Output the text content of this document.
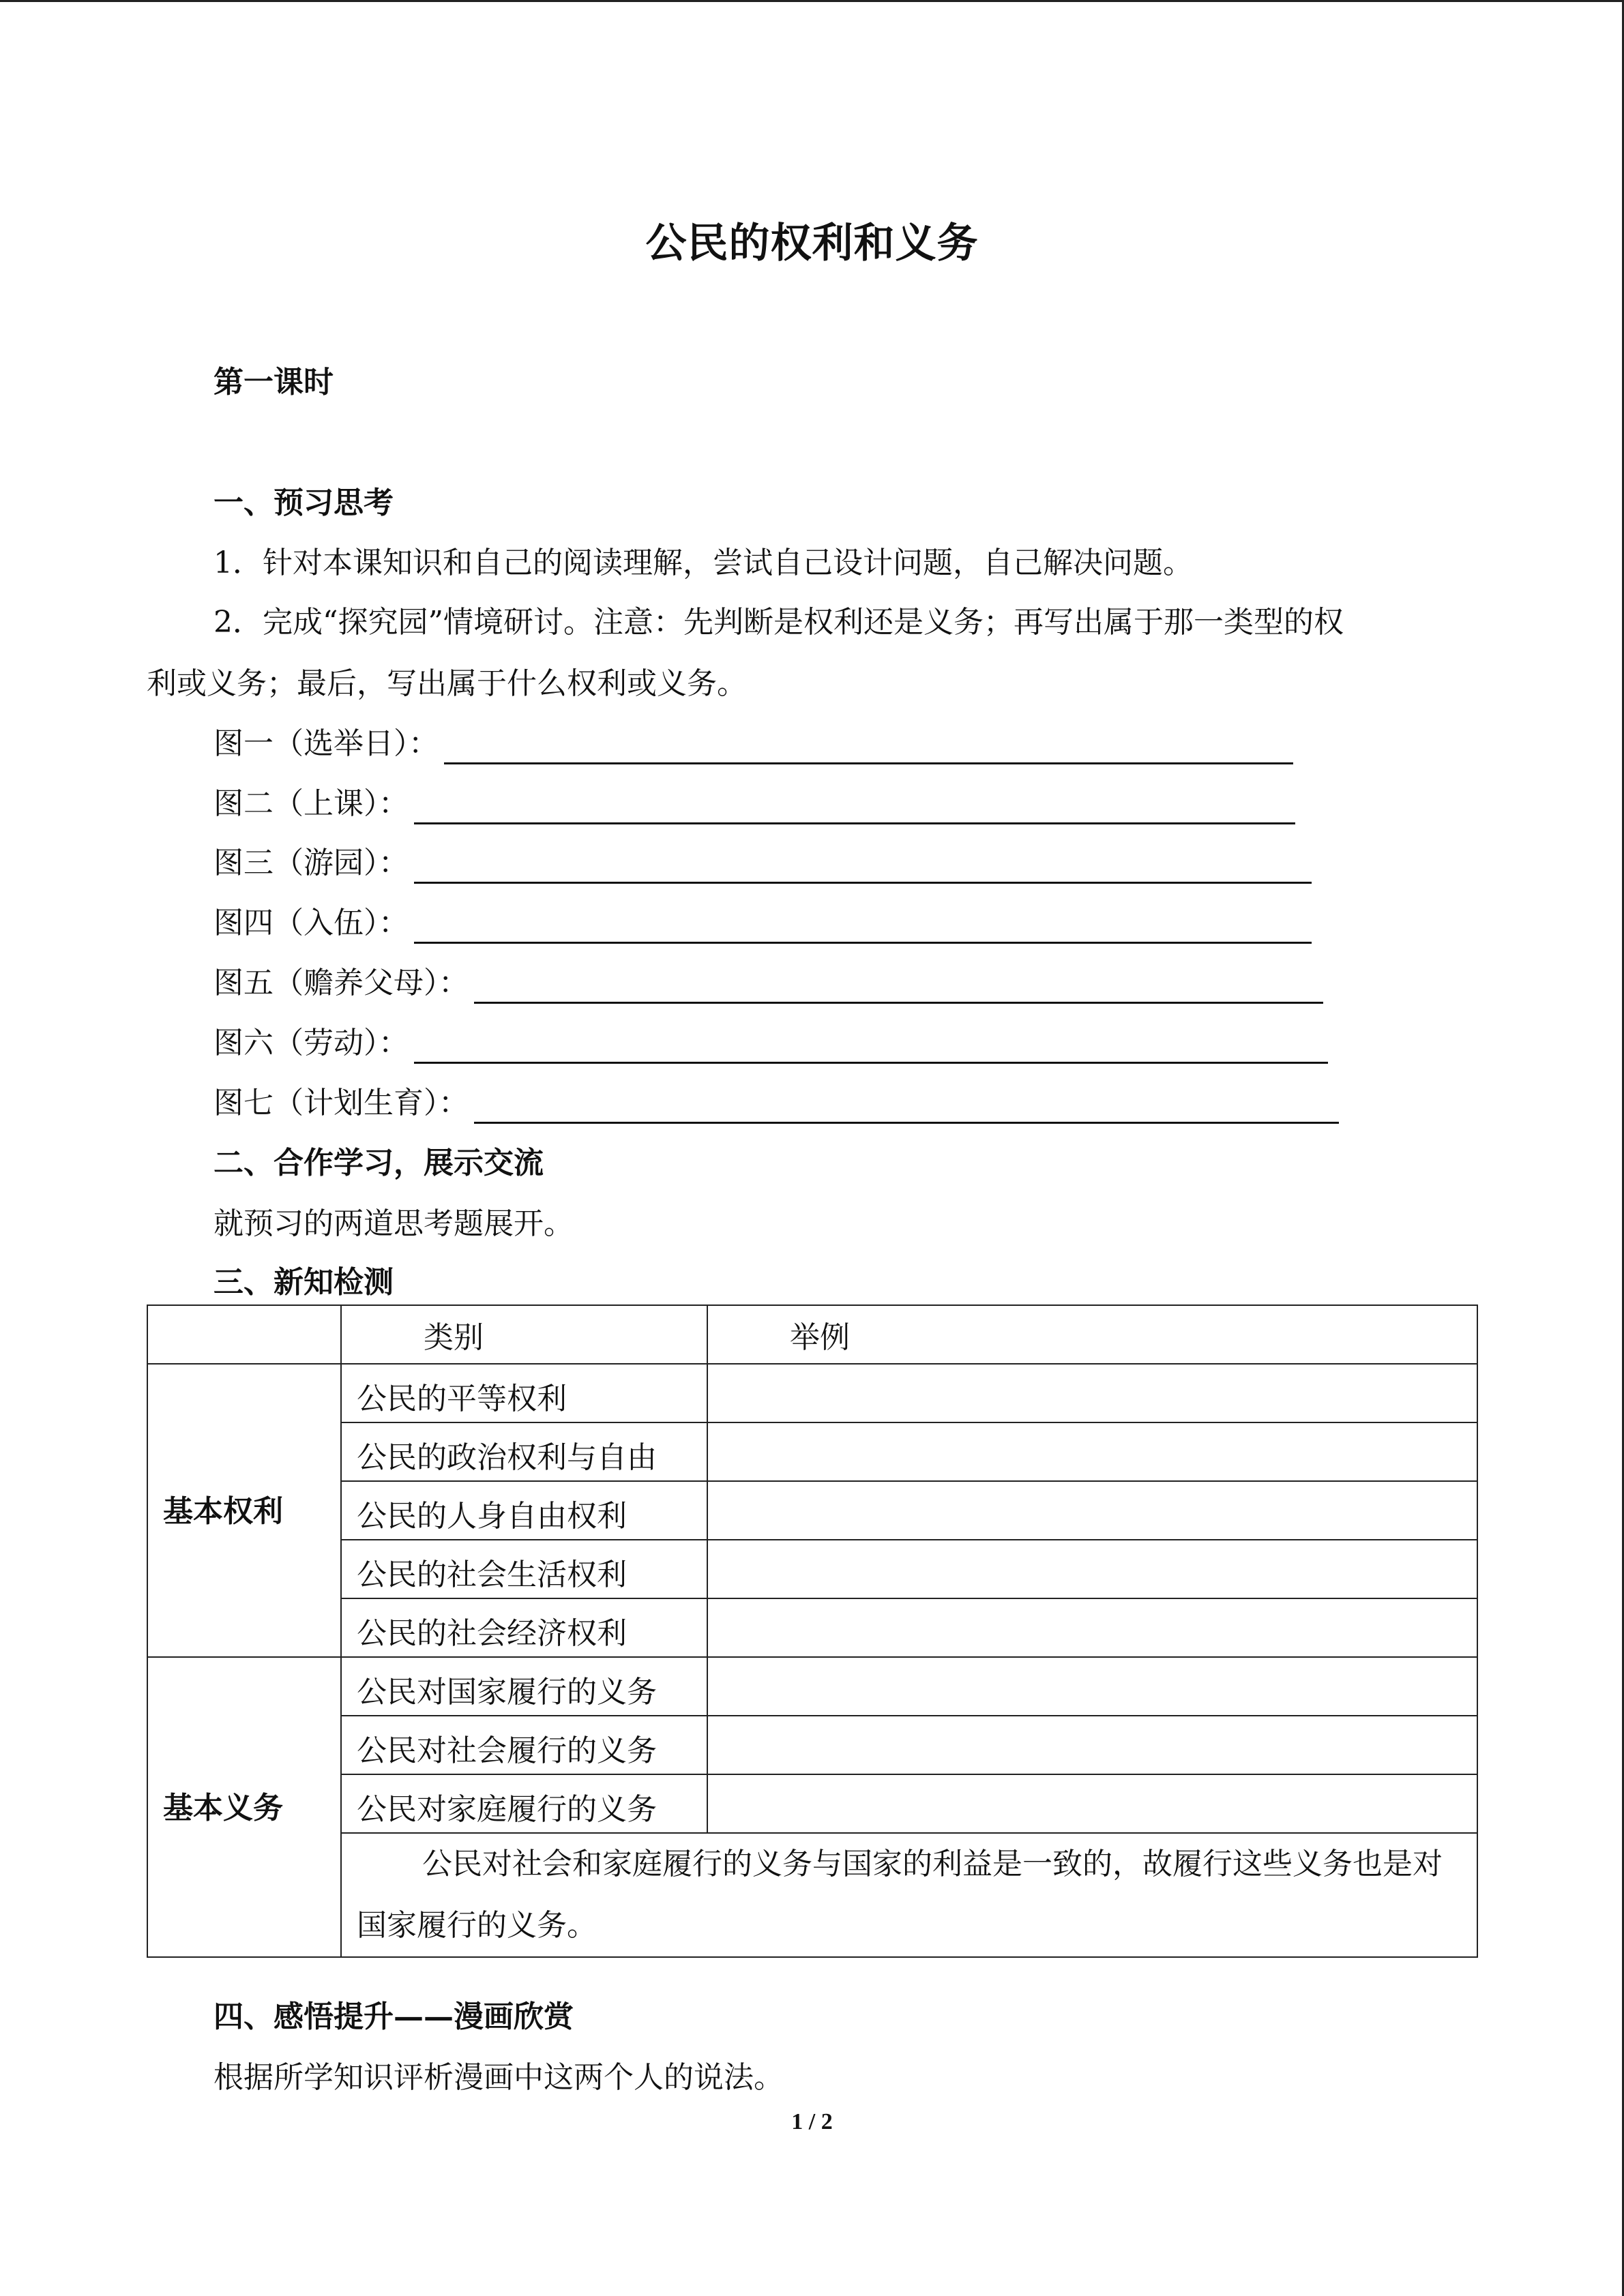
公民的权利和义务
第一课时
一、预习思考
1．针对本课知识和自己的阅读理解，尝试自己设计问题，自己解决问题。
2．完成“探究园”情境研讨。注意：先判断是权利还是义务；再写出属于那一类型的权
利或义务；最后，写出属于什么权利或义务。
图一（选举日）：
图二（上课）：
图三（游园）：
图四（入伍）：
图五（赡养父母）：
图六（劳动）：
图七（计划生育）：
二、合作学习，展示交流
就预习的两道思考题展开。
三、新知检测
	类别	举例
基本权利	公民的平等权利	
	公民的政治权利与自由	
	公民的人身自由权利	
	公民的社会生活权利	
	公民的社会经济权利	
基本义务	公民对国家履行的义务	
	公民对社会履行的义务	
	公民对家庭履行的义务	
	公民对社会和家庭履行的义务与国家的利益是一致的，故履行这些义务也是对国家履行的义务。	
四、感悟提升——漫画欣赏
根据所学知识评析漫画中这两个人的说法。
1 / 2
